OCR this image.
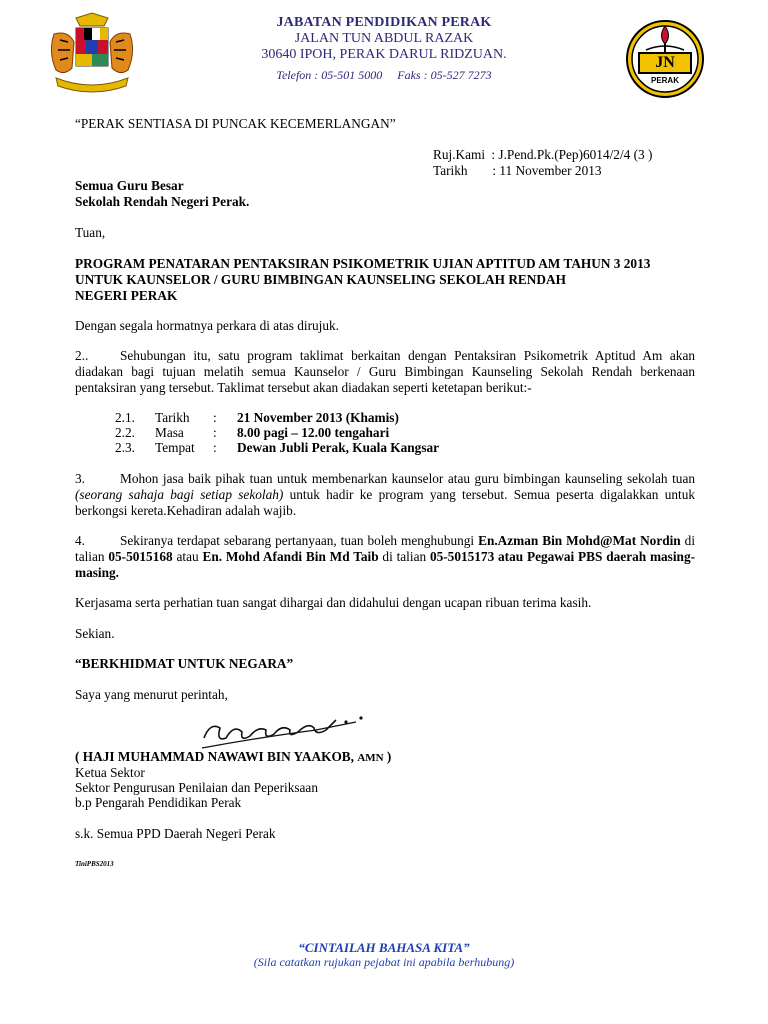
JABATAN PENDIDIKAN PERAK
JALAN TUN ABDUL RAZAK
30640 IPOH, PERAK DARUL RIDZUAN.
Telefon : 05-501 5000     Faks : 05-527 7273
JN
PERAK
“PERAK SENTIASA DI PUNCAK KECEMERLANGAN”
Ruj.Kami : J.Pend.Pk.(Pep)6014/2/4 (3 )
Tarikh : 11 November 2013
Semua Guru Besar
Sekolah Rendah Negeri Perak.
Tuan,
PROGRAM PENATARAN PENTAKSIRAN PSIKOMETRIK UJIAN APTITUD AM TAHUN 3 2013
UNTUK KAUNSELOR / GURU BIMBINGAN KAUNSELING SEKOLAH RENDAH
NEGERI PERAK
Dengan segala hormatnya perkara di atas dirujuk.
2.. Sehubungan itu, satu program taklimat berkaitan dengan Pentaksiran Psikometrik Aptitud Am akan diadakan bagi tujuan melatih semua Kaunselor / Guru Bimbingan Kaunseling Sekolah Rendah berkenaan pentaksiran yang tersebut. Taklimat tersebut akan diadakan seperti ketetapan berikut:-
2.1. Tarikh : 21 November 2013 (Khamis)
2.2. Masa : 8.00 pagi – 12.00 tengahari
2.3. Tempat : Dewan Jubli Perak, Kuala Kangsar
3.	Mohon jasa baik pihak tuan untuk membenarkan kaunselor atau guru bimbingan kaunseling sekolah tuan (seorang sahaja bagi setiap sekolah) untuk hadir ke program yang tersebut. Semua peserta digalakkan untuk berkongsi kereta.Kehadiran adalah wajib.
4.	Sekiranya terdapat sebarang pertanyaan, tuan boleh menghubungi En.Azman Bin Mohd@Mat Nordin di talian 05-5015168 atau En. Mohd Afandi Bin Md Taib di talian 05-5015173 atau Pegawai PBS daerah masing-masing.
Kerjasama serta perhatian tuan sangat dihargai dan didahului dengan ucapan ribuan terima kasih.
Sekian.
“BERKHIDMAT UNTUK NEGARA”
Saya yang menurut perintah,
( HAJI MUHAMMAD NAWAWI BIN YAAKOB, AMN )
Ketua Sektor
Sektor Pengurusan Penilaian dan Peperiksaan
b.p Pengarah Pendidikan Perak
s.k. Semua PPD Daerah Negeri Perak
TiniPBS2013
“CINTAILAH BAHASA KITA”
(Sila catatkan rujukan pejabat ini apabila berhubung)
